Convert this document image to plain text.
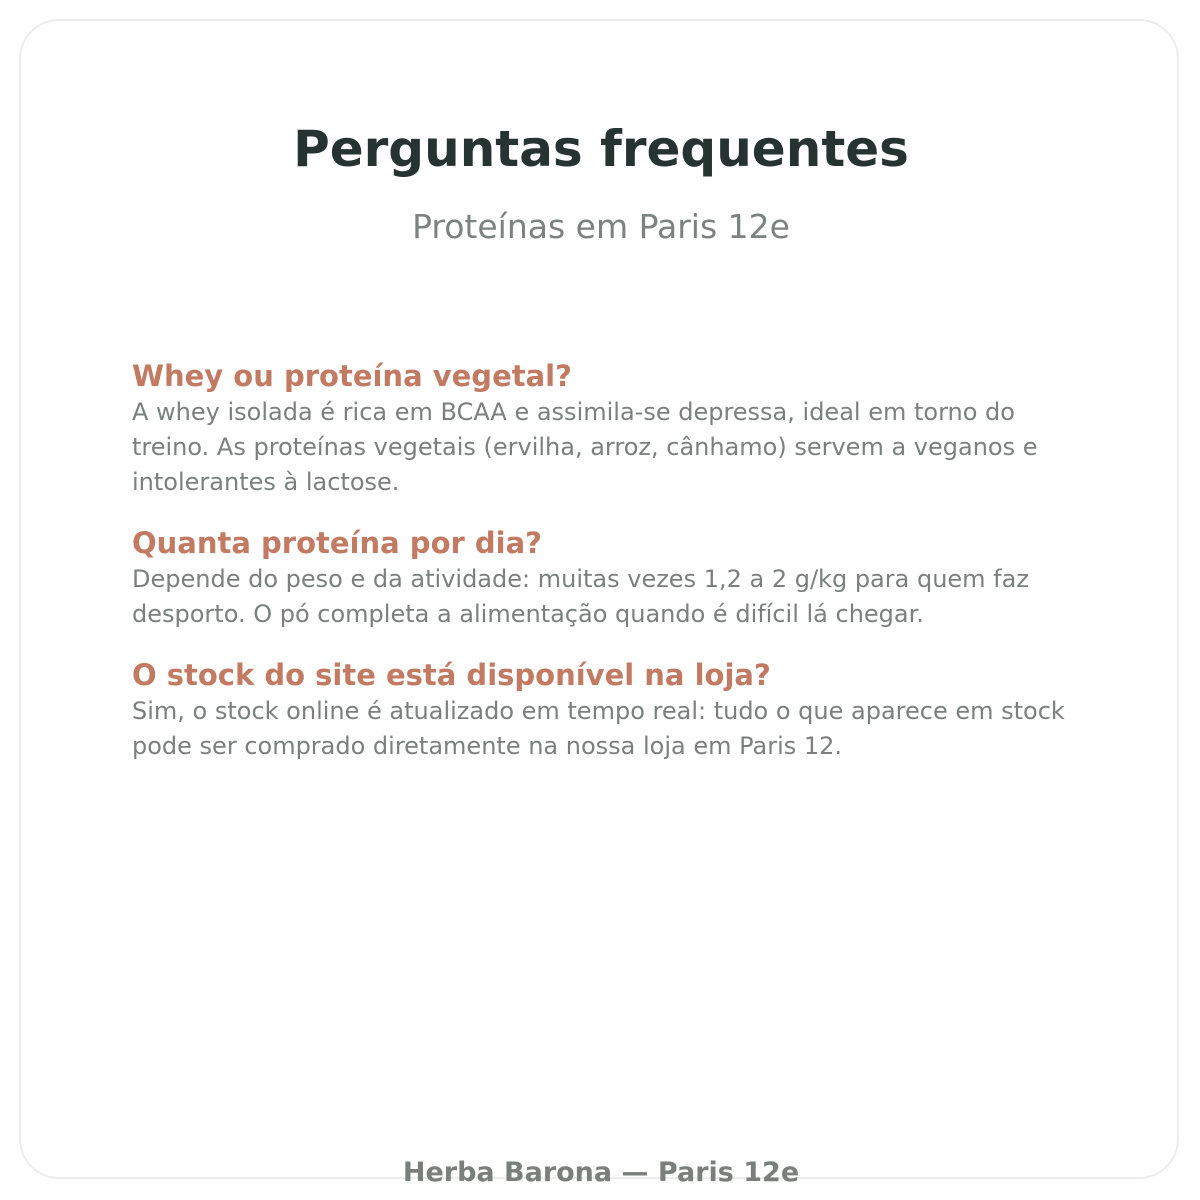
Perguntas frequentes

Proteínas em Paris 12e

Whey ou proteína vegetal?

A whey isolada é rica em BCAA e assimila-se depressa, ideal em torno do treino. As proteínas vegetais (ervilha, arroz, cânhamo) servem a veganos e intolerantes à lactose.

Quanta proteína por dia?

Depende do peso e da atividade: muitas vezes 1,2 a 2 g/kg para quem faz desporto. O pó completa a alimentação quando é difícil lá chegar.

O stock do site está disponível na loja?

Sim, o stock online é atualizado em tempo real: tudo o que aparece em stock pode ser comprado diretamente na nossa loja em Paris 12.

Herba Barona — Paris 12e
